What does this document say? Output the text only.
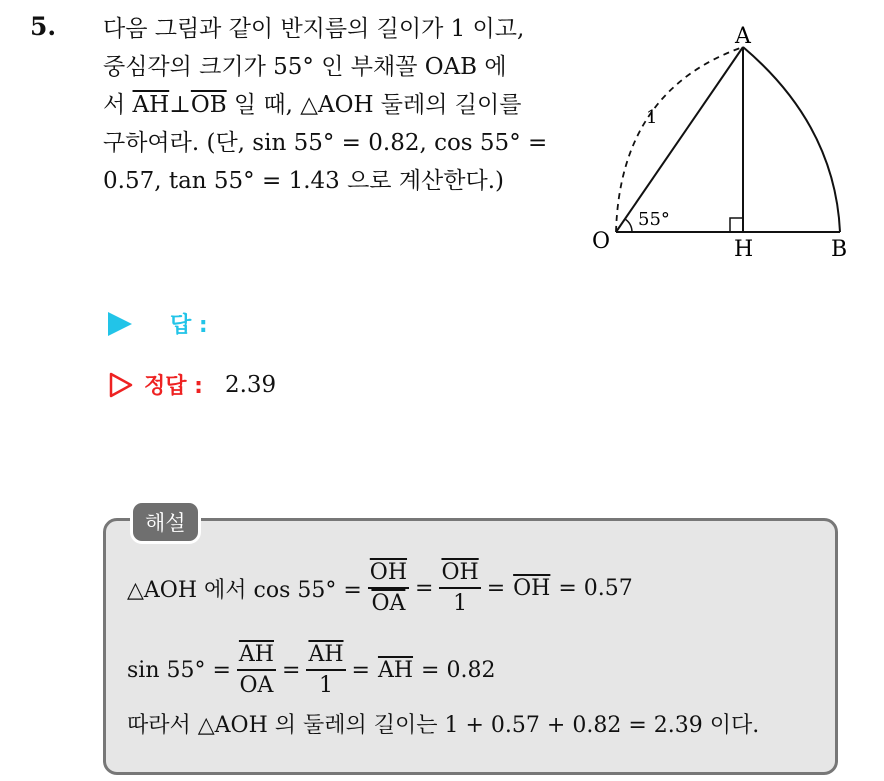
5. 다음 그림과 같이 반지름의 길이가 1 이고,
중심각의 크기가 55° 인 부채꼴 OAB 에
서 $\overline{AH}\perp\overline{OB}$ 일 때, △AOH 둘레의 길이를
구하여라. (단, sin 55° = 0.82, cos 55° =
0.57, tan 55° = 1.43 으로 계산한다.)
A
O	H	B
1
55°
답 :
정답 : 2.39
해설
△AOH 에서 $\cos 55^\circ = \frac{\overline{OH}}{OA} = \frac{\overline{OH}}{1} = \overline{OH} = 0.57$
$\sin 55^\circ = \frac{\overline{AH}}{OA} = \frac{\overline{AH}}{1} = \overline{AH} = 0.82$
따라서 △AOH 의 둘레의 길이는 1 + 0.57 + 0.82 = 2.39 이다.
